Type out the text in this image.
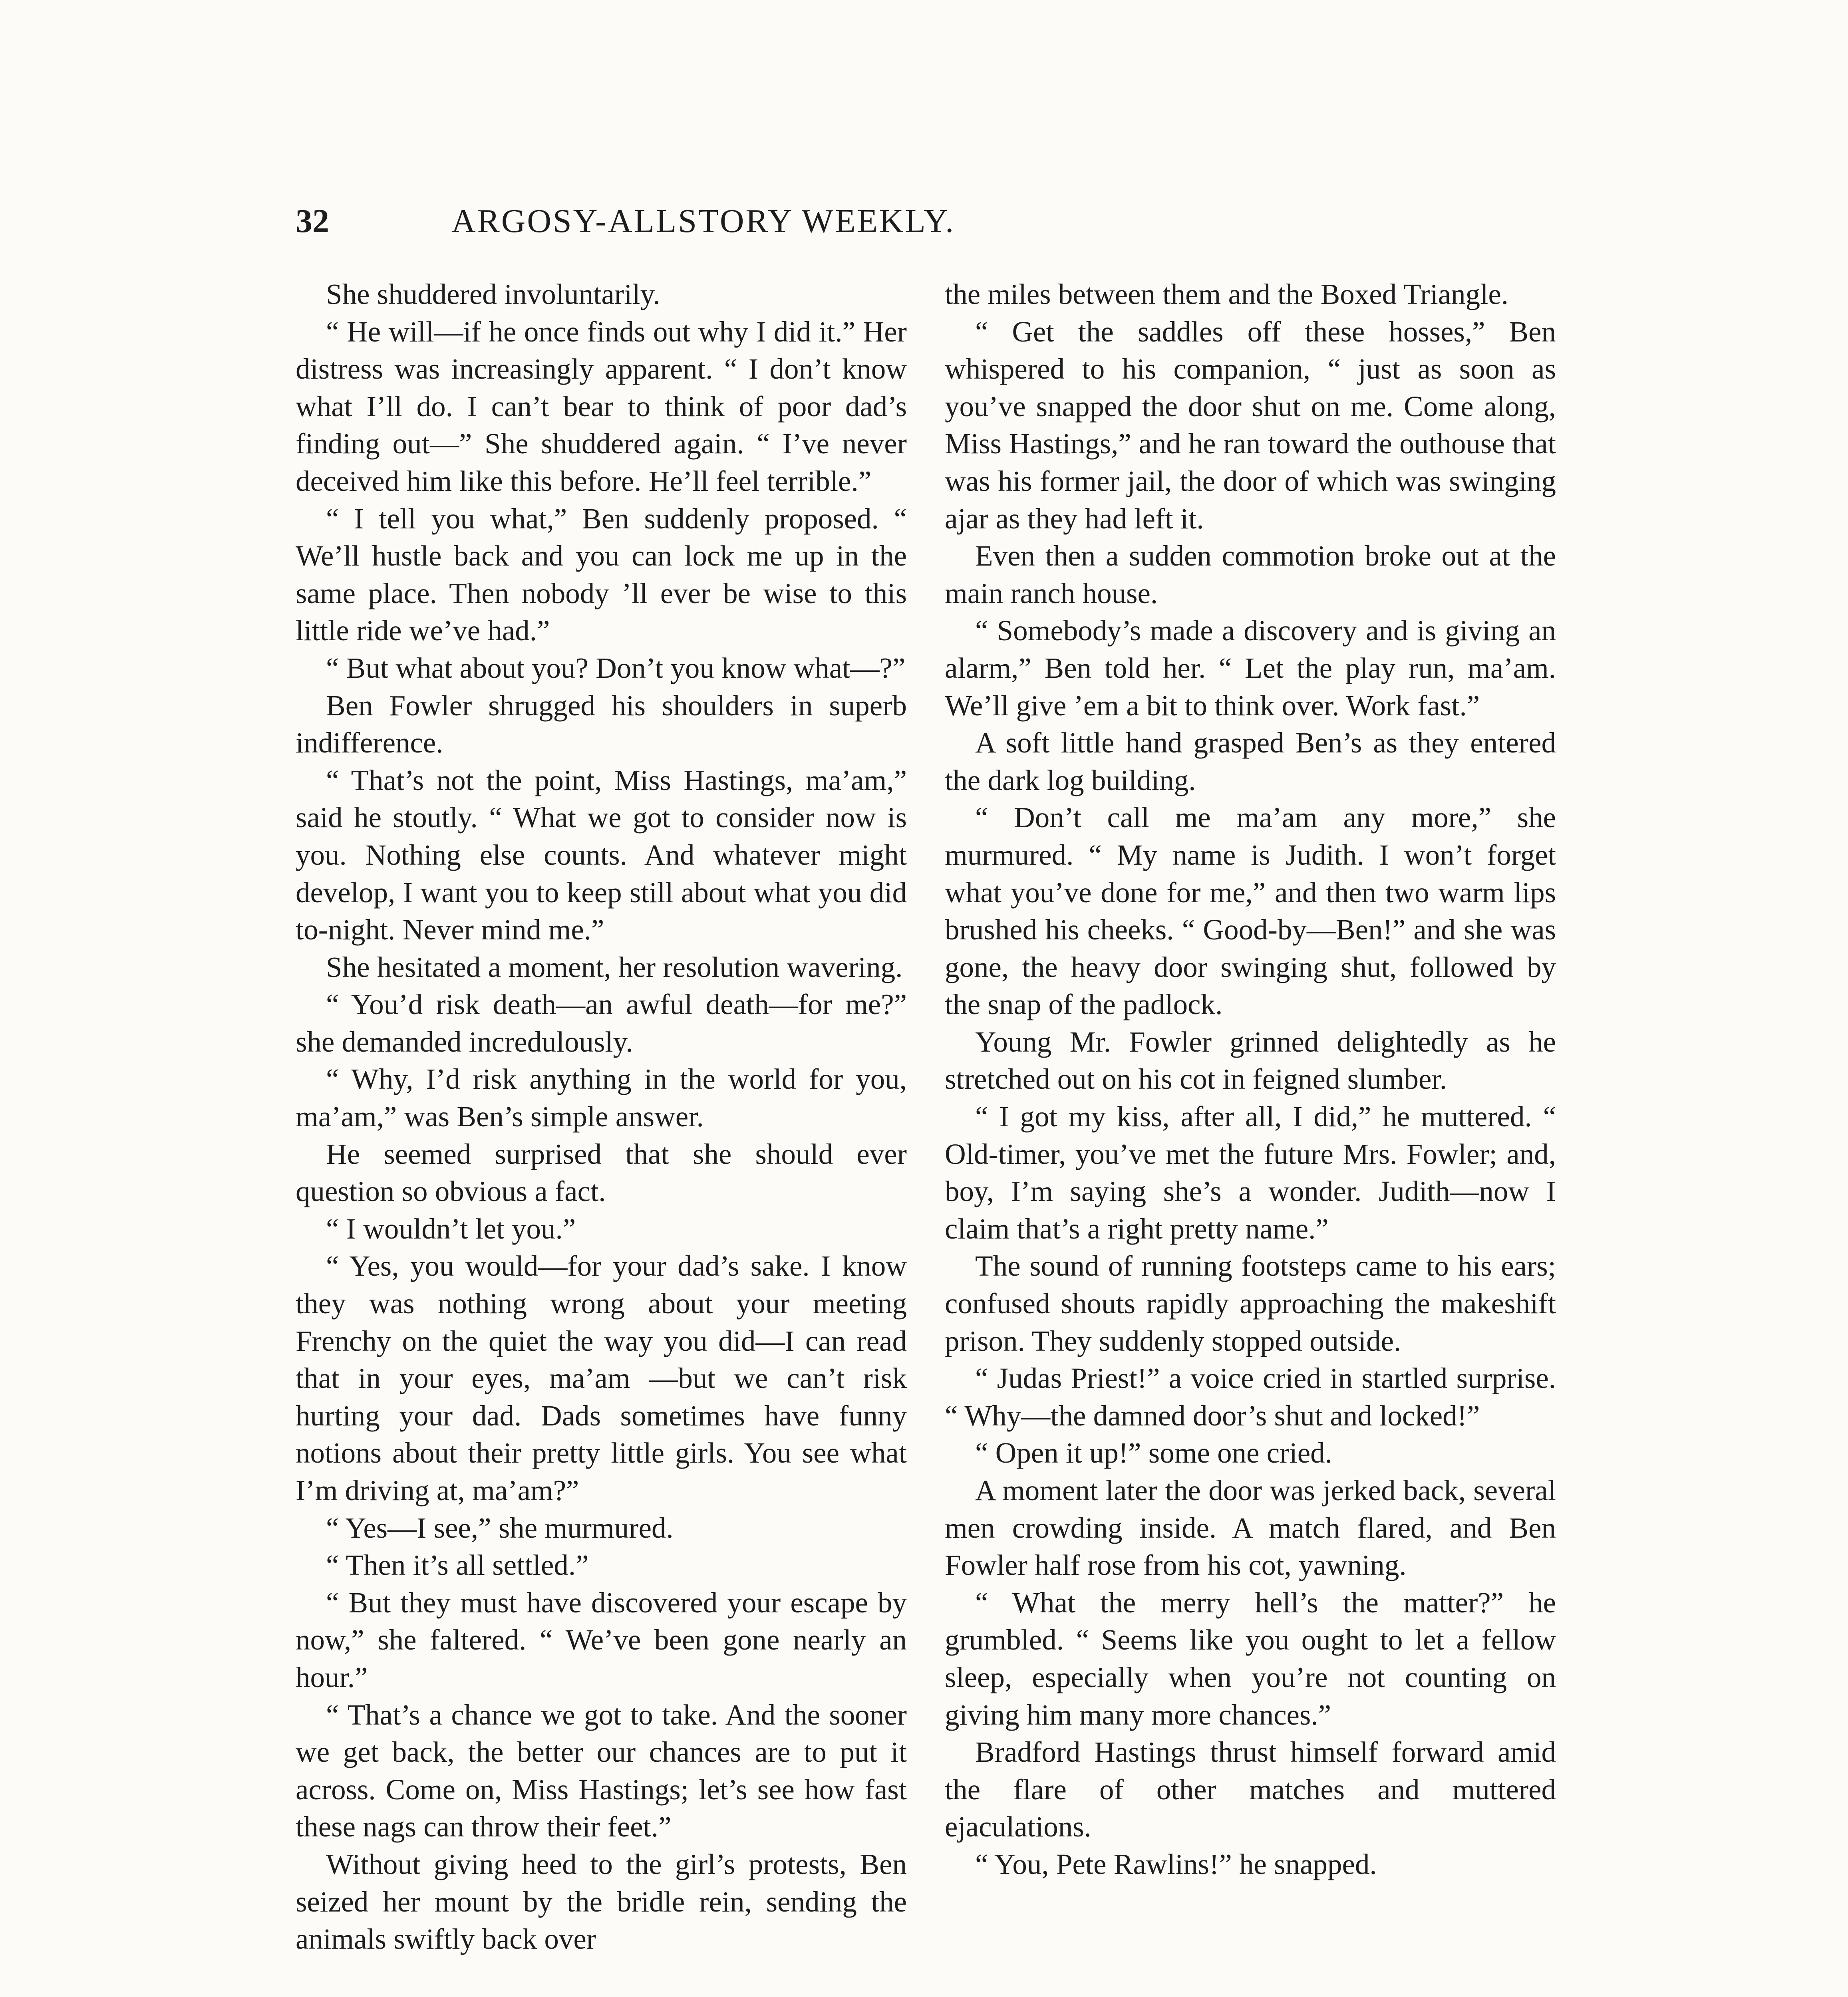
32	ARGOSY-ALLSTORY WEEKLY.

She shuddered involuntarily.

“ He will—if he once finds out why I did it.” Her distress was increasingly apparent. “ I don’t know what I’ll do. I can’t bear to think of poor dad’s finding out—” She shuddered again. “ I’ve never deceived him like this before. He’ll feel terrible.”

“ I tell you what,” Ben suddenly proposed. “ We’ll hustle back and you can lock me up in the same place. Then nobody ’ll ever be wise to this little ride we’ve had.”

“ But what about you? Don’t you know what—?”

Ben Fowler shrugged his shoulders in superb indifference.

“ That’s not the point, Miss Hastings, ma’am,” said he stoutly. “ What we got to consider now is you. Nothing else counts. And whatever might develop, I want you to keep still about what you did to-night. Never mind me.”

She hesitated a moment, her resolution wavering.

“ You’d risk death—an awful death—for me?” she demanded incredulously.

“ Why, I’d risk anything in the world for you, ma’am,” was Ben’s simple answer.

He seemed surprised that she should ever question so obvious a fact.

“ I wouldn’t let you.”

“ Yes, you would—for your dad’s sake. I know they was nothing wrong about your meeting Frenchy on the quiet the way you did—I can read that in your eyes, ma’am —but we can’t risk hurting your dad. Dads sometimes have funny notions about their pretty little girls. You see what I’m driving at, ma’am?”

“ Yes—I see,” she murmured.

“ Then it’s all settled.”

“ But they must have discovered your escape by now,” she faltered. “ We’ve been gone nearly an hour.”

“ That’s a chance we got to take. And the sooner we get back, the better our chances are to put it across. Come on, Miss Hastings; let’s see how fast these nags can throw their feet.”

Without giving heed to the girl’s protests, Ben seized her mount by the bridle rein, sending the animals swiftly back over

the miles between them and the Boxed Triangle.

“ Get the saddles off these hosses,” Ben whispered to his companion, “ just as soon as you’ve snapped the door shut on me. Come along, Miss Hastings,” and he ran toward the outhouse that was his former jail, the door of which was swinging ajar as they had left it.

Even then a sudden commotion broke out at the main ranch house.

“ Somebody’s made a discovery and is giving an alarm,” Ben told her. “ Let the play run, ma’am. We’ll give ’em a bit to think over. Work fast.”

A soft little hand grasped Ben’s as they entered the dark log building.

“ Don’t call me ma’am any more,” she murmured. “ My name is Judith. I won’t forget what you’ve done for me,” and then two warm lips brushed his cheeks. “ Good-by—Ben!” and she was gone, the heavy door swinging shut, followed by the snap of the padlock.

Young Mr. Fowler grinned delightedly as he stretched out on his cot in feigned slumber.

“ I got my kiss, after all, I did,” he muttered. “ Old-timer, you’ve met the future Mrs. Fowler; and, boy, I’m saying she’s a wonder. Judith—now I claim that’s a right pretty name.”

The sound of running footsteps came to his ears; confused shouts rapidly approaching the makeshift prison. They suddenly stopped outside.

“ Judas Priest!” a voice cried in startled surprise. “ Why—the damned door’s shut and locked!”

“ Open it up!” some one cried.

A moment later the door was jerked back, several men crowding inside. A match flared, and Ben Fowler half rose from his cot, yawning.

“ What the merry hell’s the matter?” he grumbled. “ Seems like you ought to let a fellow sleep, especially when you’re not counting on giving him many more chances.”

Bradford Hastings thrust himself forward amid the flare of other matches and muttered ejaculations.

“ You, Pete Rawlins!” he snapped.
